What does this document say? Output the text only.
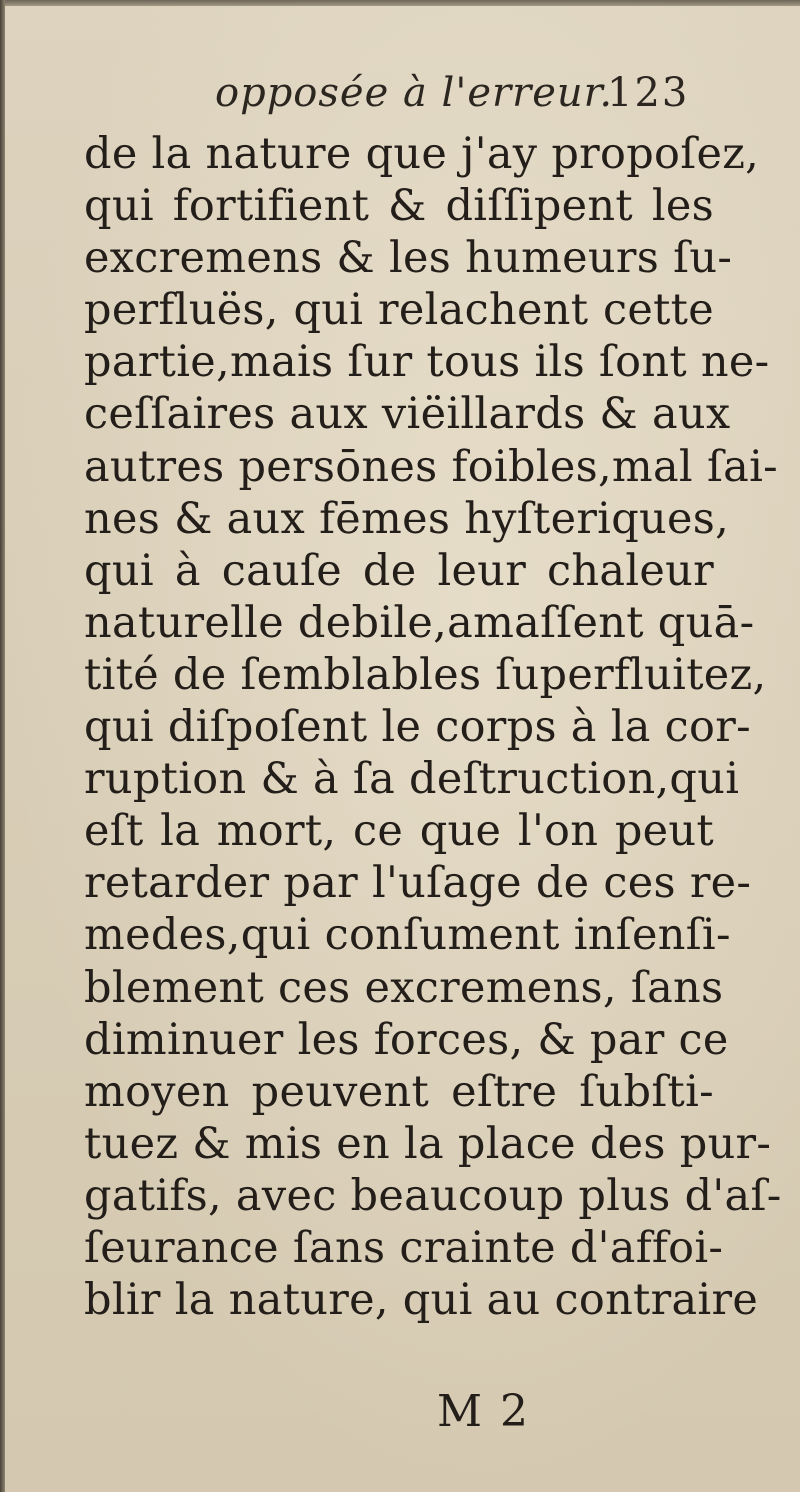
opposée à l'erreur.
123
de la nature que j'ay propoſez,
qui fortifient & diſſipent les
excremens & les humeurs ſu-
perfluës, qui relachent cette
partie,mais ſur tous ils ſont ne-
ceſſaires aux viëillards & aux
autres persōnes foibles,mal ſai-
nes & aux fēmes hyſteriques,
qui à cauſe de leur chaleur
naturelle debile,amaſſent quā-
tité de ſemblables ſuperfluitez,
qui diſpoſent le corps à la cor-
ruption & à ſa deſtruction,qui
eſt la mort, ce que l'on peut
retarder par l'uſage de ces re-
medes,qui conſument inſenſi-
blement ces excremens, ſans
diminuer les forces, & par ce
moyen peuvent eſtre ſubſti-
tuez & mis en la place des pur-
gatifs, avec beaucoup plus d'aſ-
ſeurance ſans crainte d'affoi-
blir la nature, qui au contraire
M 2
